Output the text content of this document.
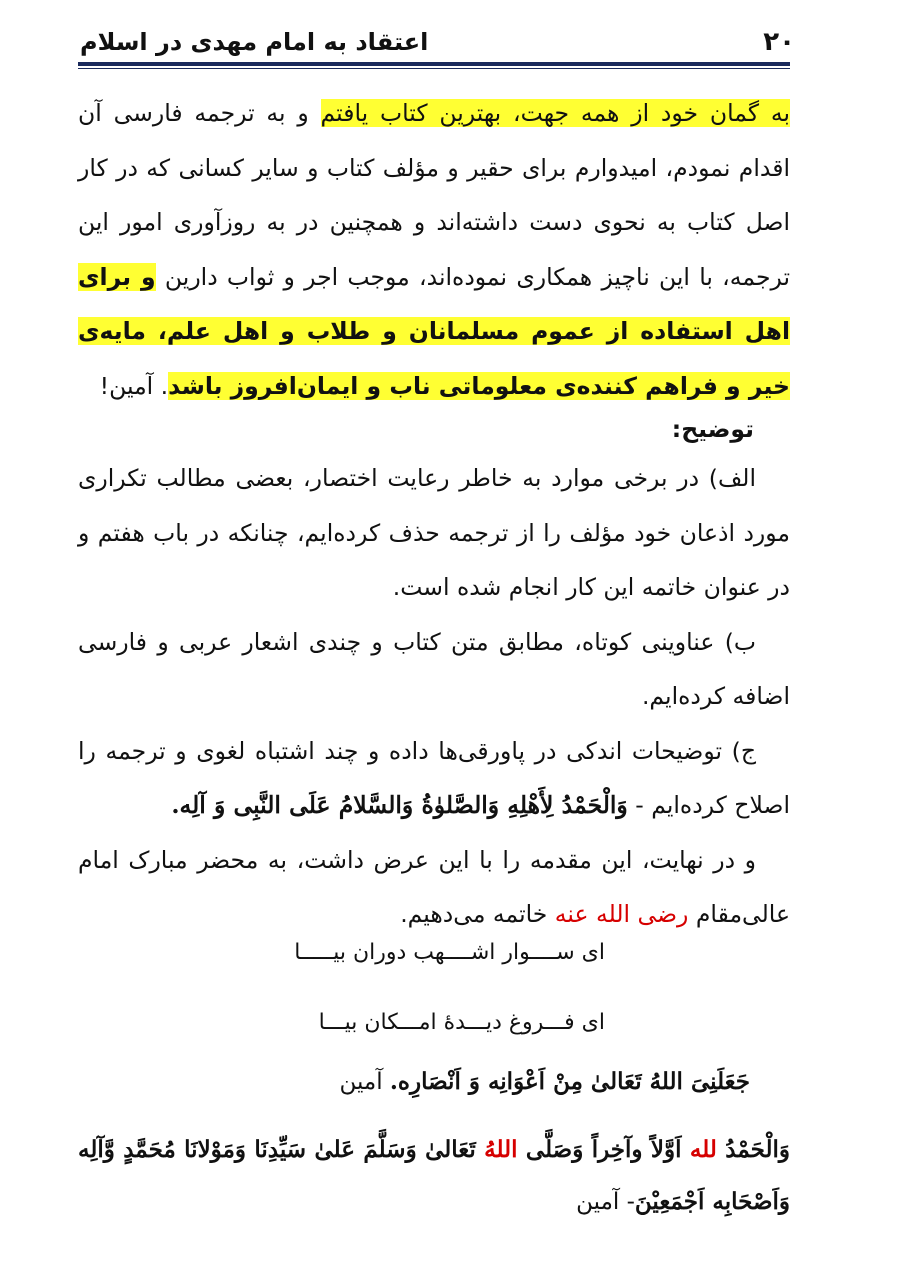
۲۰
اعتقاد به امام مهدی در اسلام

به گمان خود از همه جهت، بهترین کتاب یافتم و به ترجمه فارسی آن اقدام نمودم، امیدوارم برای حقیر و مؤلف کتاب و سایر کسانی که در کار اصل کتاب به نحوی دست داشته‌اند و همچنین در به روزآوری امور این ترجمه، با این ناچیز همکاری نموده‌اند، موجب اجر و ثواب دارین و برای اهل استفاده از عموم مسلمانان و طلاب و اهل علم، مایه‌ی خیر و فراهم کننده‌ی معلوماتی ناب و ایمان‌افروز باشد. آمین!

توضیح:

الف) در برخی موارد به خاطر رعایت اختصار، بعضی مطالب تکراری مورد اذعان خود مؤلف را از ترجمه حذف کرده‌ایم، چنانکه در باب هفتم و در عنوان خاتمه این کار انجام شده است.

ب) عناوینی کوتاه، مطابق متن کتاب و چندی اشعار عربی و فارسی اضافه کرده‌ایم.

ج) توضیحات اندکی در پاورقی‌ها داده و چند اشتباه لغوی و ترجمه را اصلاح کرده‌ایم - وَالْحَمْدُ لِأَهْلِهِ وَالصَّلوٰةُ وَالسَّلامُ عَلَی النَّبِی وَ آلِه.

و در نهایت، این مقدمه را با این عرض داشت، به محضر مبارک امام عالی‌مقام رضی الله عنه خاتمه می‌دهیم.

ای ســــوار اشــــهب دوران بیـــــا
ای فـــروغ دیـــدهٔ امـــکان بیـــا
جَعَلَنِیَ اللهُ تَعَالیٰ مِنْ اَعْوَانِه وَ اَنْصَارِه. آمین
وَالْحَمْدُ لله اَوَّلاً وآخِراً وَصَلَّی اللهُ تَعَالیٰ وَسَلَّمَ عَلیٰ سَیِّدِنَا وَمَوْلانَا مُحَمَّدٍ وَّآلِه وَاَصْحَابِه اَجْمَعِیْنَ- آمین
